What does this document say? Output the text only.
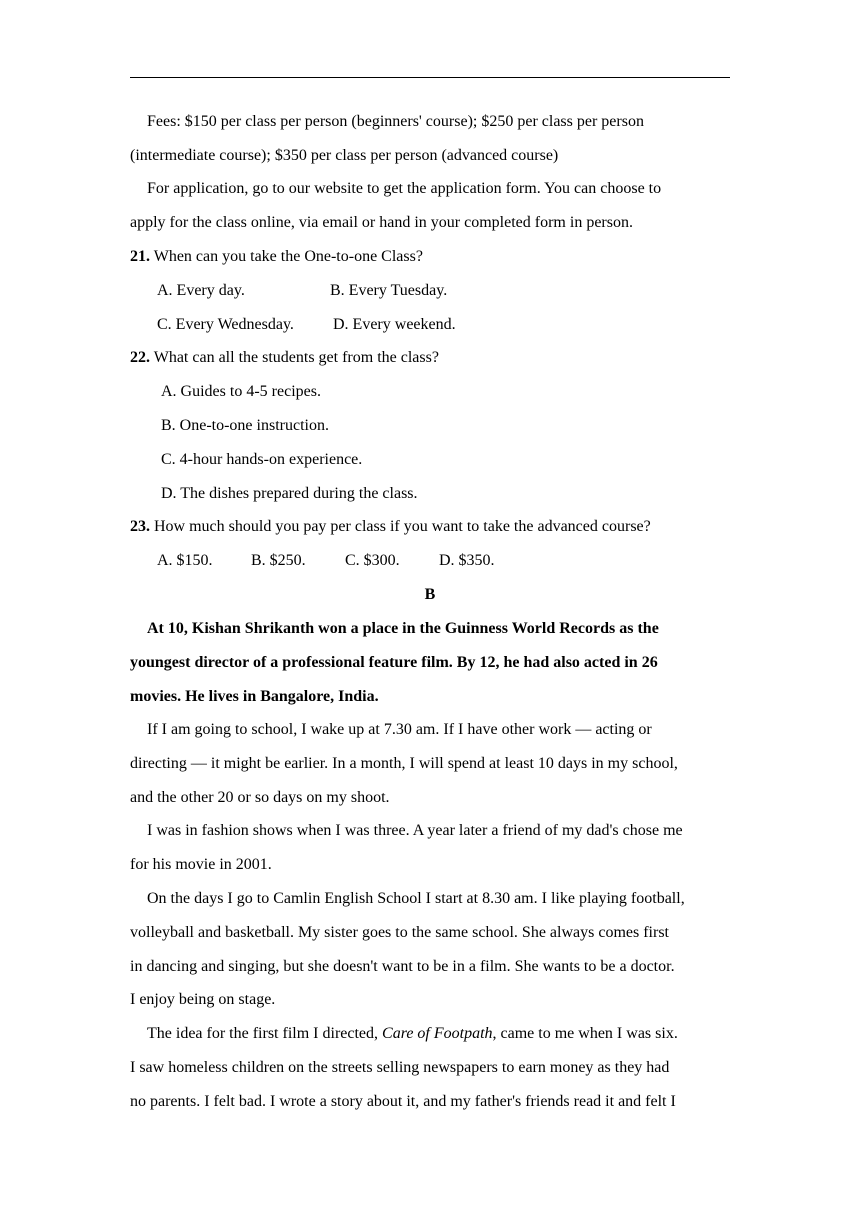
Fees: $150 per class per person (beginners' course); $250 per class per person
(intermediate course); $350 per class per person (advanced course)
For application, go to our website to get the application form. You can choose to
apply for the class online, via email or hand in your completed form in person.
21. When can you take the One-to-one Class?
A. Every day.	B. Every Tuesday.
C. Every Wednesday. D. Every weekend.
22. What can all the students get from the class?
A. Guides to 4-5 recipes.
B. One-to-one instruction.
C. 4-hour hands-on experience.
D. The dishes prepared during the class.
23. How much should you pay per class if you want to take the advanced course?
A. $150. B. $250. C. $300. D. $350.
B
At 10, Kishan Shrikanth won a place in the Guinness World Records as the
youngest director of a professional feature film. By 12, he had also acted in 26
movies. He lives in Bangalore, India.
If I am going to school, I wake up at 7.30 am. If I have other work — acting or
directing — it might be earlier. In a month, I will spend at least 10 days in my school,
and the other 20 or so days on my shoot.
I was in fashion shows when I was three. A year later a friend of my dad's chose me
for his movie in 2001.
On the days I go to Camlin English School I start at 8.30 am. I like playing football,
volleyball and basketball. My sister goes to the same school. She always comes first
in dancing and singing, but she doesn't want to be in a film. She wants to be a doctor.
I enjoy being on stage.
The idea for the first film I directed, Care of Footpath, came to me when I was six.
I saw homeless children on the streets selling newspapers to earn money as they had
no parents. I felt bad. I wrote a story about it, and my father's friends read it and felt I
